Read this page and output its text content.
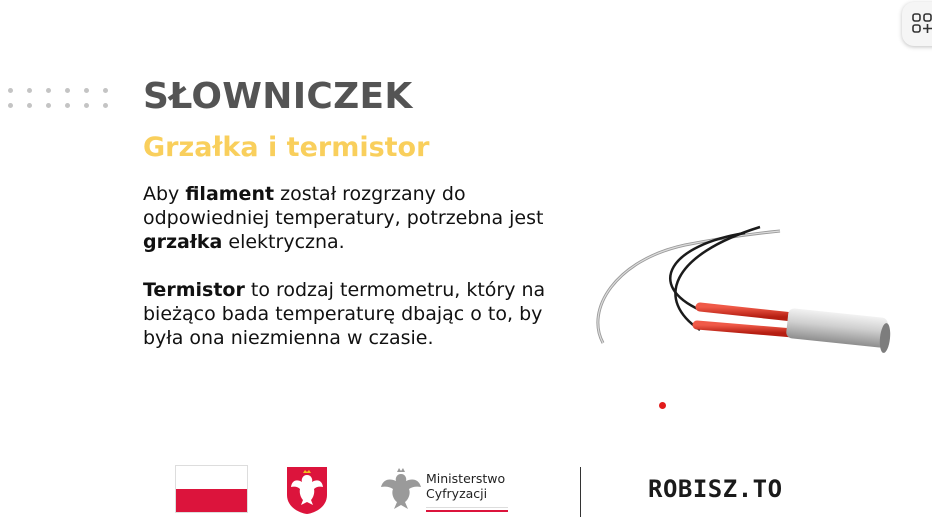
SŁOWNICZEK
Grzałka i termistor

Aby filament został rozgrzany do odpowiedniej temperatury, potrzebna jest grzałka elektryczna.

Termistor to rodzaj termometru, który na bieżąco bada temperaturę dbając o to, by była ona niezmienna w czasie.

Ministerstwo
Cyfryzacji	ROBISZ.TO
